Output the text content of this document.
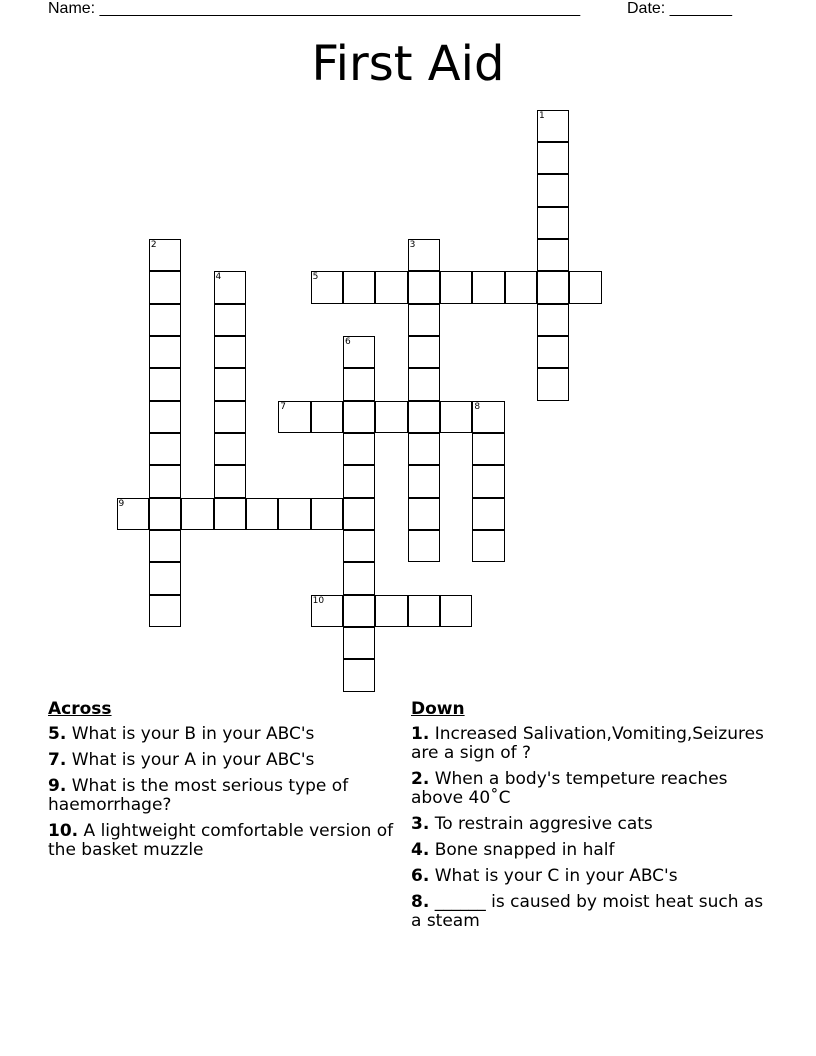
Name: ______________________________________________________	Date: _______
First Aid
1
2	3
4	5
6
7	8
9
10
Across
5. What is your B in your ABC's
7. What is your A in your ABC's
9. What is the most serious type of haemorrhage?
10. A lightweight comfortable version of the basket muzzle
Down
1. Increased Salivation,Vomiting,Seizures are a sign of ?
2. When a body's tempeture reaches above 40˚C
3. To restrain aggresive cats
4. Bone snapped in half
6. What is your C in your ABC's
8. ______ is caused by moist heat such as a steam
